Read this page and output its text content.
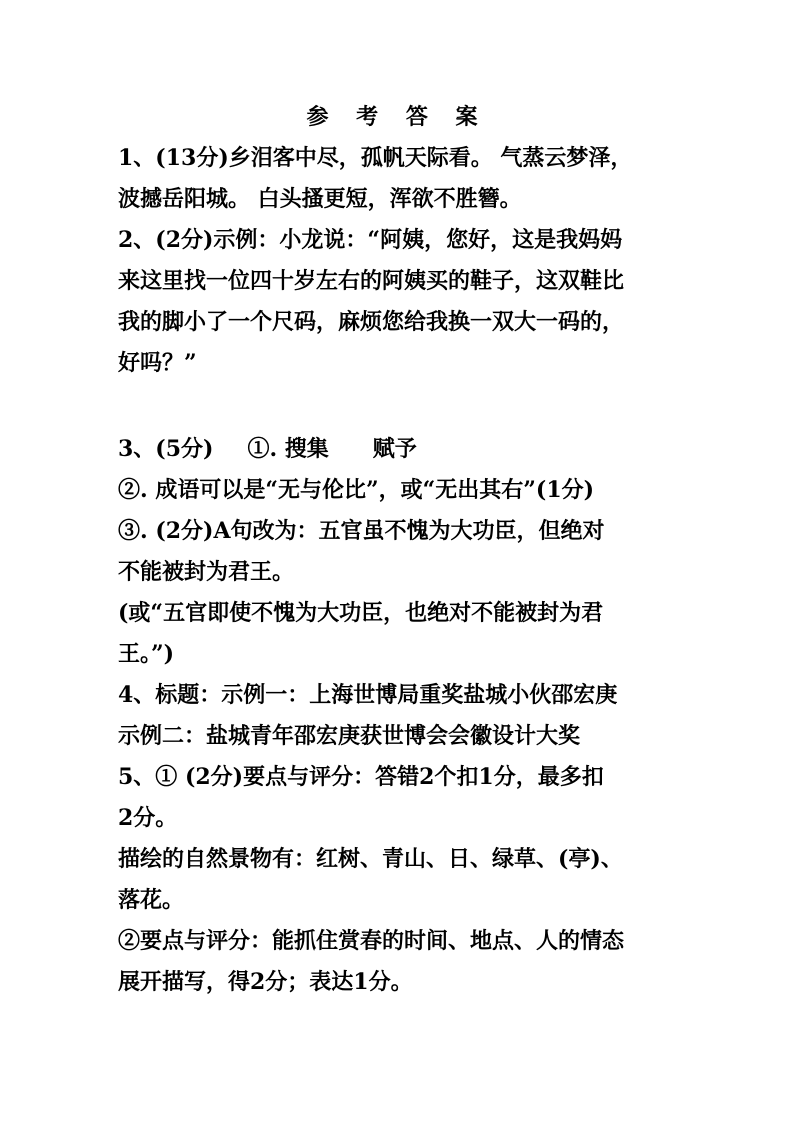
参 考 答 案
1、(13分)乡泪客中尽，孤帆天际看。 气蒸云梦泽，
波撼岳阳城。 白头搔更短，浑欲不胜簪。
2、(2分)示例：小龙说：“阿姨，您好，这是我妈妈
来这里找一位四十岁左右的阿姨买的鞋子，这双鞋比
我的脚小了一个尺码，麻烦您给我换一双大一码的，
好吗？”
3、(5分) ①. 搜集 赋予
②. 成语可以是“无与伦比”，或“无出其右”(1分)
③. (2分)A句改为：五官虽不愧为大功臣，但绝对
不能被封为君王。
(或“五官即使不愧为大功臣，也绝对不能被封为君
王。”)
4、标题：示例一：上海世博局重奖盐城小伙邵宏庚
示例二：盐城青年邵宏庚获世博会会徽设计大奖
5、① (2分)要点与评分：答错2个扣1分，最多扣
2分。
描绘的自然景物有：红树、青山、日、绿草、(亭)、
落花。
②要点与评分：能抓住赏春的时间、地点、人的情态
展开描写，得2分；表达1分。
